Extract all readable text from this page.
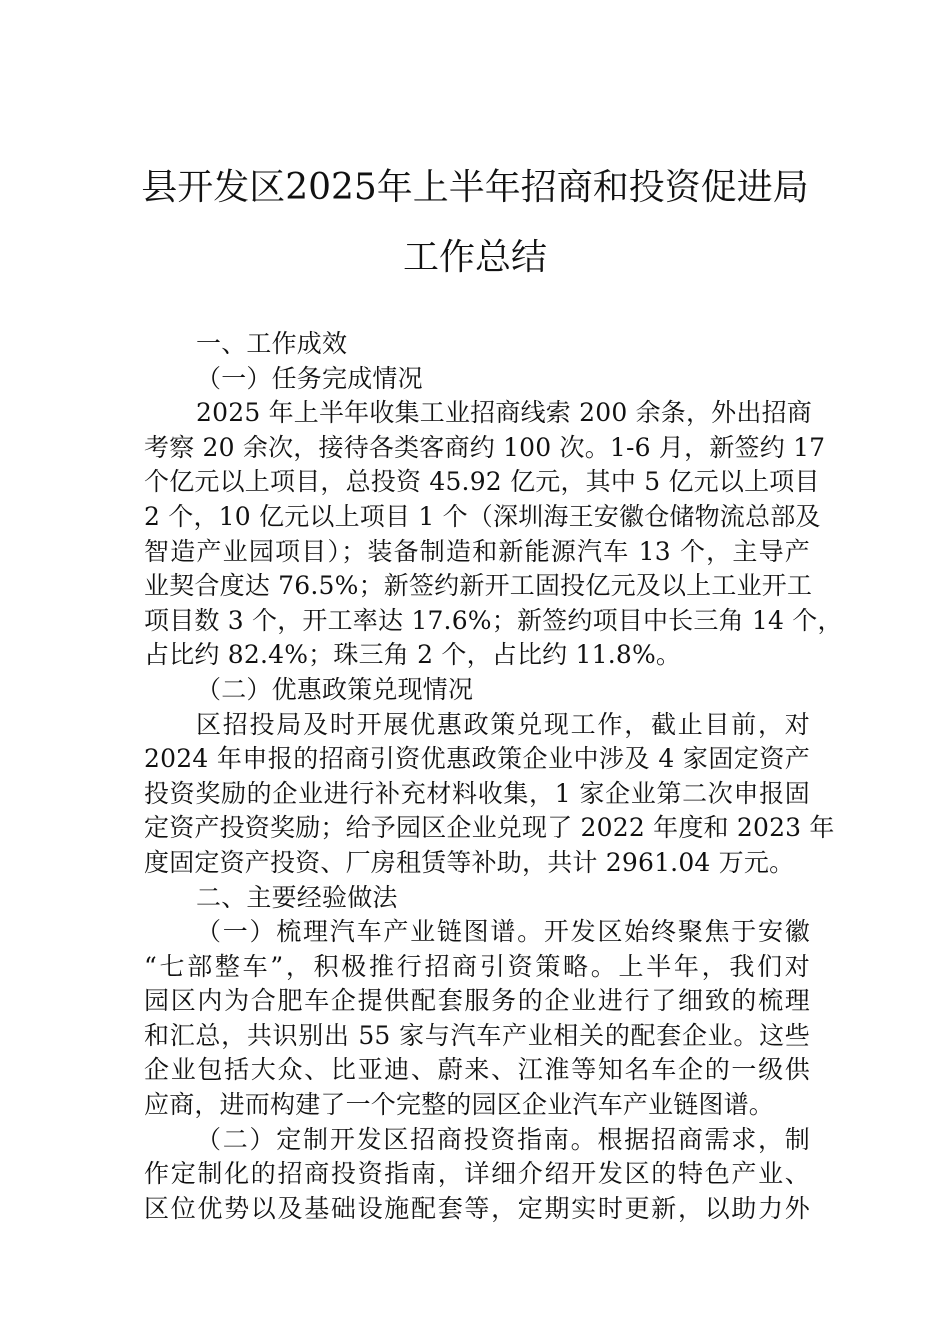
县开发区2025年上半年招商和投资促进局
工作总结
一、工作成效
（一）任务完成情况
2025 年上半年收集工业招商线索 200 余条，外出招商
考察 20 余次，接待各类客商约 100 次。1-6 月，新签约 17
个亿元以上项目，总投资 45.92 亿元，其中 5 亿元以上项目
2 个，10 亿元以上项目 1 个（深圳海王安徽仓储物流总部及
智造产业园项目）；装备制造和新能源汽车 13 个，主导产
业契合度达 76.5%；新签约新开工固投亿元及以上工业开工
项目数 3 个，开工率达 17.6%；新签约项目中长三角 14 个，
占比约 82.4%；珠三角 2 个，占比约 11.8%。
（二）优惠政策兑现情况
区招投局及时开展优惠政策兑现工作，截止目前，对
2024 年申报的招商引资优惠政策企业中涉及 4 家固定资产
投资奖励的企业进行补充材料收集，1 家企业第二次申报固
定资产投资奖励；给予园区企业兑现了 2022 年度和 2023 年
度固定资产投资、厂房租赁等补助，共计 2961.04 万元。
二、主要经验做法
（一）梳理汽车产业链图谱。开发区始终聚焦于安徽
“七部整车”，积极推行招商引资策略。上半年，我们对
园区内为合肥车企提供配套服务的企业进行了细致的梳理
和汇总，共识别出 55 家与汽车产业相关的配套企业。这些
企业包括大众、比亚迪、蔚来、江淮等知名车企的一级供
应商，进而构建了一个完整的园区企业汽车产业链图谱。
（二）定制开发区招商投资指南。根据招商需求，制
作定制化的招商投资指南，详细介绍开发区的特色产业、
区位优势以及基础设施配套等，定期实时更新，以助力外
